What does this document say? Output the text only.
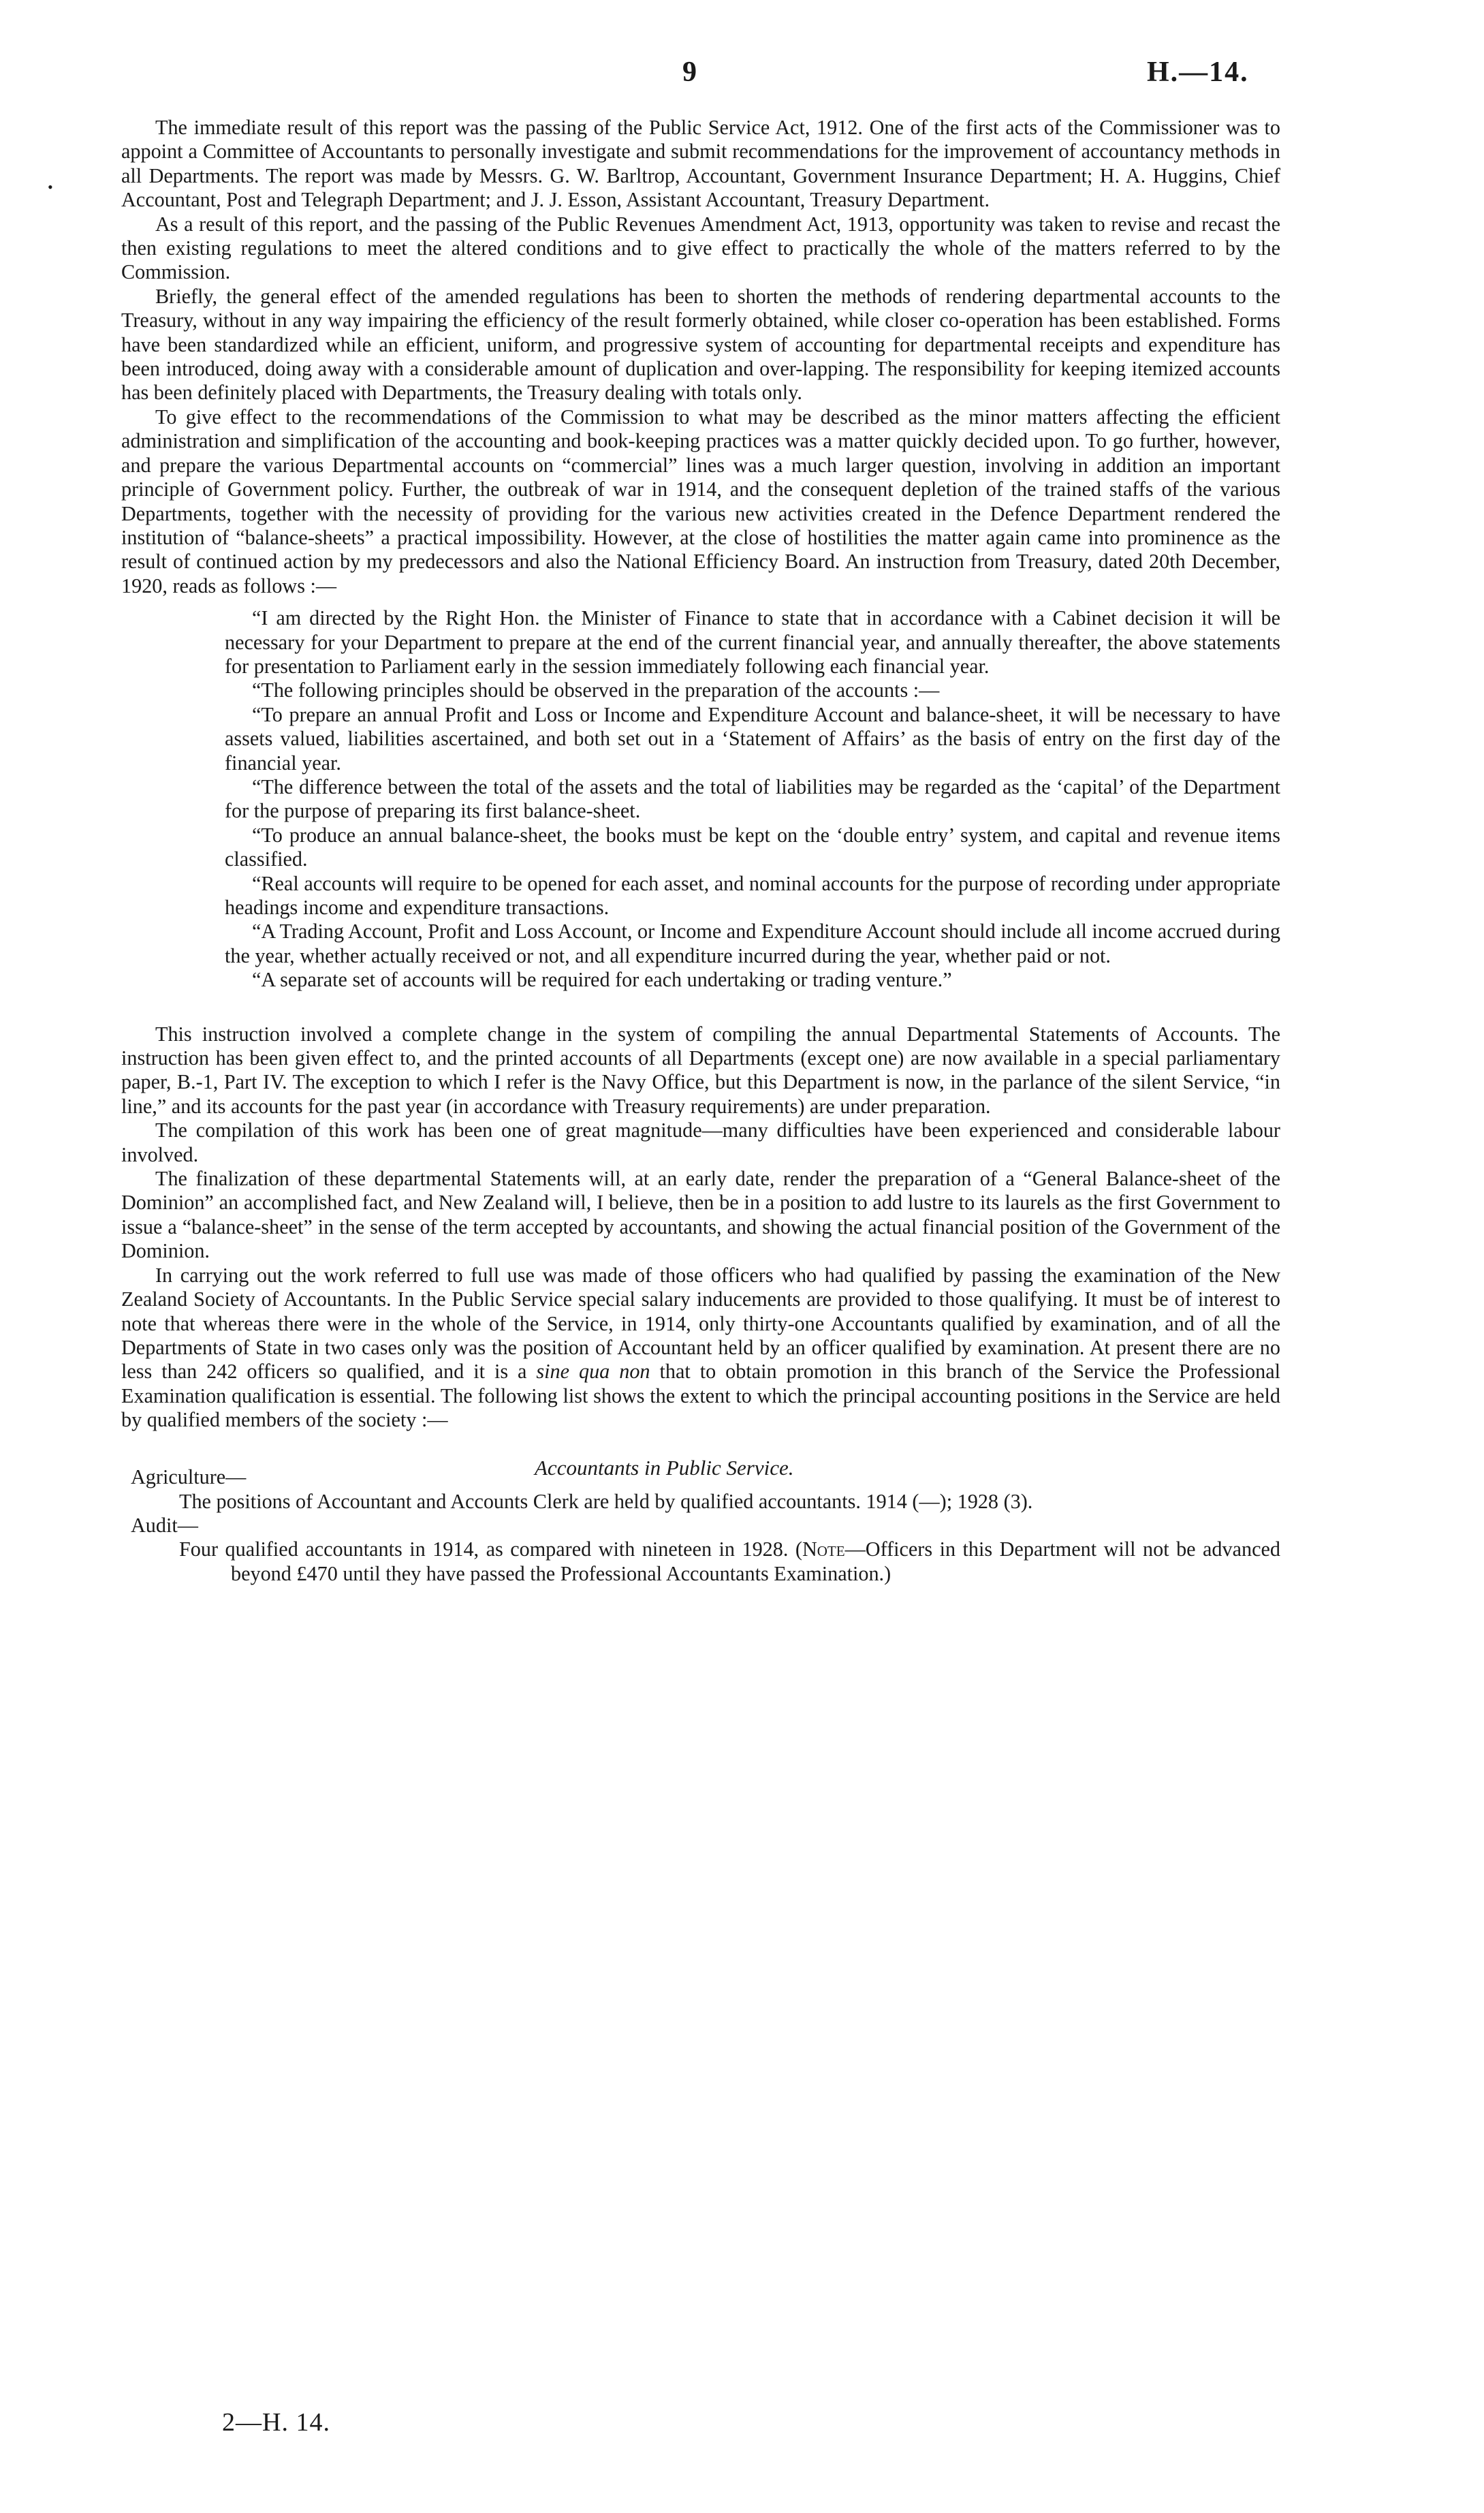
9	H.—14.
•

The immediate result of this report was the passing of the Public Service Act, 1912. One of the first acts of the Commissioner was to appoint a Committee of Accountants to personally investigate and submit recommendations for the improvement of accountancy methods in all Departments. The report was made by Messrs. G. W. Barltrop, Accountant, Government Insurance Department; H. A. Huggins, Chief Accountant, Post and Telegraph Department; and J. J. Esson, Assistant Accountant, Treasury Department.

As a result of this report, and the passing of the Public Revenues Amendment Act, 1913, opportunity was taken to revise and recast the then existing regulations to meet the altered conditions and to give effect to practically the whole of the matters referred to by the Commission.

Briefly, the general effect of the amended regulations has been to shorten the methods of rendering departmental accounts to the Treasury, without in any way impairing the efficiency of the result formerly obtained, while closer co-operation has been established. Forms have been standardized while an efficient, uniform, and progressive system of accounting for departmental receipts and expenditure has been introduced, doing away with a considerable amount of duplication and over-lapping. The responsibility for keeping itemized accounts has been definitely placed with Departments, the Treasury dealing with totals only.

To give effect to the recommendations of the Commission to what may be described as the minor matters affecting the efficient administration and simplification of the accounting and book-keeping practices was a matter quickly decided upon. To go further, however, and prepare the various Departmental accounts on “commercial” lines was a much larger question, involving in addition an important principle of Government policy. Further, the outbreak of war in 1914, and the consequent depletion of the trained staffs of the various Departments, together with the necessity of providing for the various new activities created in the Defence Department rendered the institution of “balance-sheets” a practical impossibility. However, at the close of hostilities the matter again came into prominence as the result of continued action by my predecessors and also the National Efficiency Board. An instruction from Treasury, dated 20th December, 1920, reads as follows :—

“I am directed by the Right Hon. the Minister of Finance to state that in accordance with a Cabinet decision it will be necessary for your Department to prepare at the end of the current financial year, and annually thereafter, the above statements for presentation to Parliament early in the session immediately following each financial year.

“The following principles should be observed in the preparation of the accounts :—

“To prepare an annual Profit and Loss or Income and Expenditure Account and balance-sheet, it will be necessary to have assets valued, liabilities ascertained, and both set out in a ‘Statement of Affairs’ as the basis of entry on the first day of the financial year.

“The difference between the total of the assets and the total of liabilities may be regarded as the ‘capital’ of the Department for the purpose of preparing its first balance-sheet.

“To produce an annual balance-sheet, the books must be kept on the ‘double entry’ system, and capital and revenue items classified.

“Real accounts will require to be opened for each asset, and nominal accounts for the purpose of recording under appropriate headings income and expenditure transactions.

“A Trading Account, Profit and Loss Account, or Income and Expenditure Account should include all income accrued during the year, whether actually received or not, and all expenditure incurred during the year, whether paid or not.

“A separate set of accounts will be required for each undertaking or trading venture.”

This instruction involved a complete change in the system of compiling the annual Departmental Statements of Accounts. The instruction has been given effect to, and the printed accounts of all Departments (except one) are now available in a special parliamentary paper, B.-1, Part IV. The exception to which I refer is the Navy Office, but this Department is now, in the parlance of the silent Service, “in line,” and its accounts for the past year (in accordance with Treasury requirements) are under preparation.

The compilation of this work has been one of great magnitude—many difficulties have been experienced and considerable labour involved.

The finalization of these departmental Statements will, at an early date, render the preparation of a “General Balance-sheet of the Dominion” an accomplished fact, and New Zealand will, I believe, then be in a position to add lustre to its laurels as the first Government to issue a “balance-sheet” in the sense of the term accepted by accountants, and showing the actual financial position of the Government of the Dominion.

In carrying out the work referred to full use was made of those officers who had qualified by passing the examination of the New Zealand Society of Accountants. In the Public Service special salary inducements are provided to those qualifying. It must be of interest to note that whereas there were in the whole of the Service, in 1914, only thirty-one Accountants qualified by examination, and of all the Departments of State in two cases only was the position of Accountant held by an officer qualified by examination. At present there are no less than 242 officers so qualified, and it is a sine qua non that to obtain promotion in this branch of the Service the Professional Examination qualification is essential. The following list shows the extent to which the principal accounting positions in the Service are held by qualified members of the society :—

Accountants in Public Service.
Agriculture—

The positions of Accountant and Accounts Clerk are held by qualified accountants. 1914 (—); 1928 (3).

Audit—

Four qualified accountants in 1914, as compared with nineteen in 1928. (Note—Officers in this Department will not be advanced beyond £470 until they have passed the Professional Accountants Examination.)

2—H. 14.
